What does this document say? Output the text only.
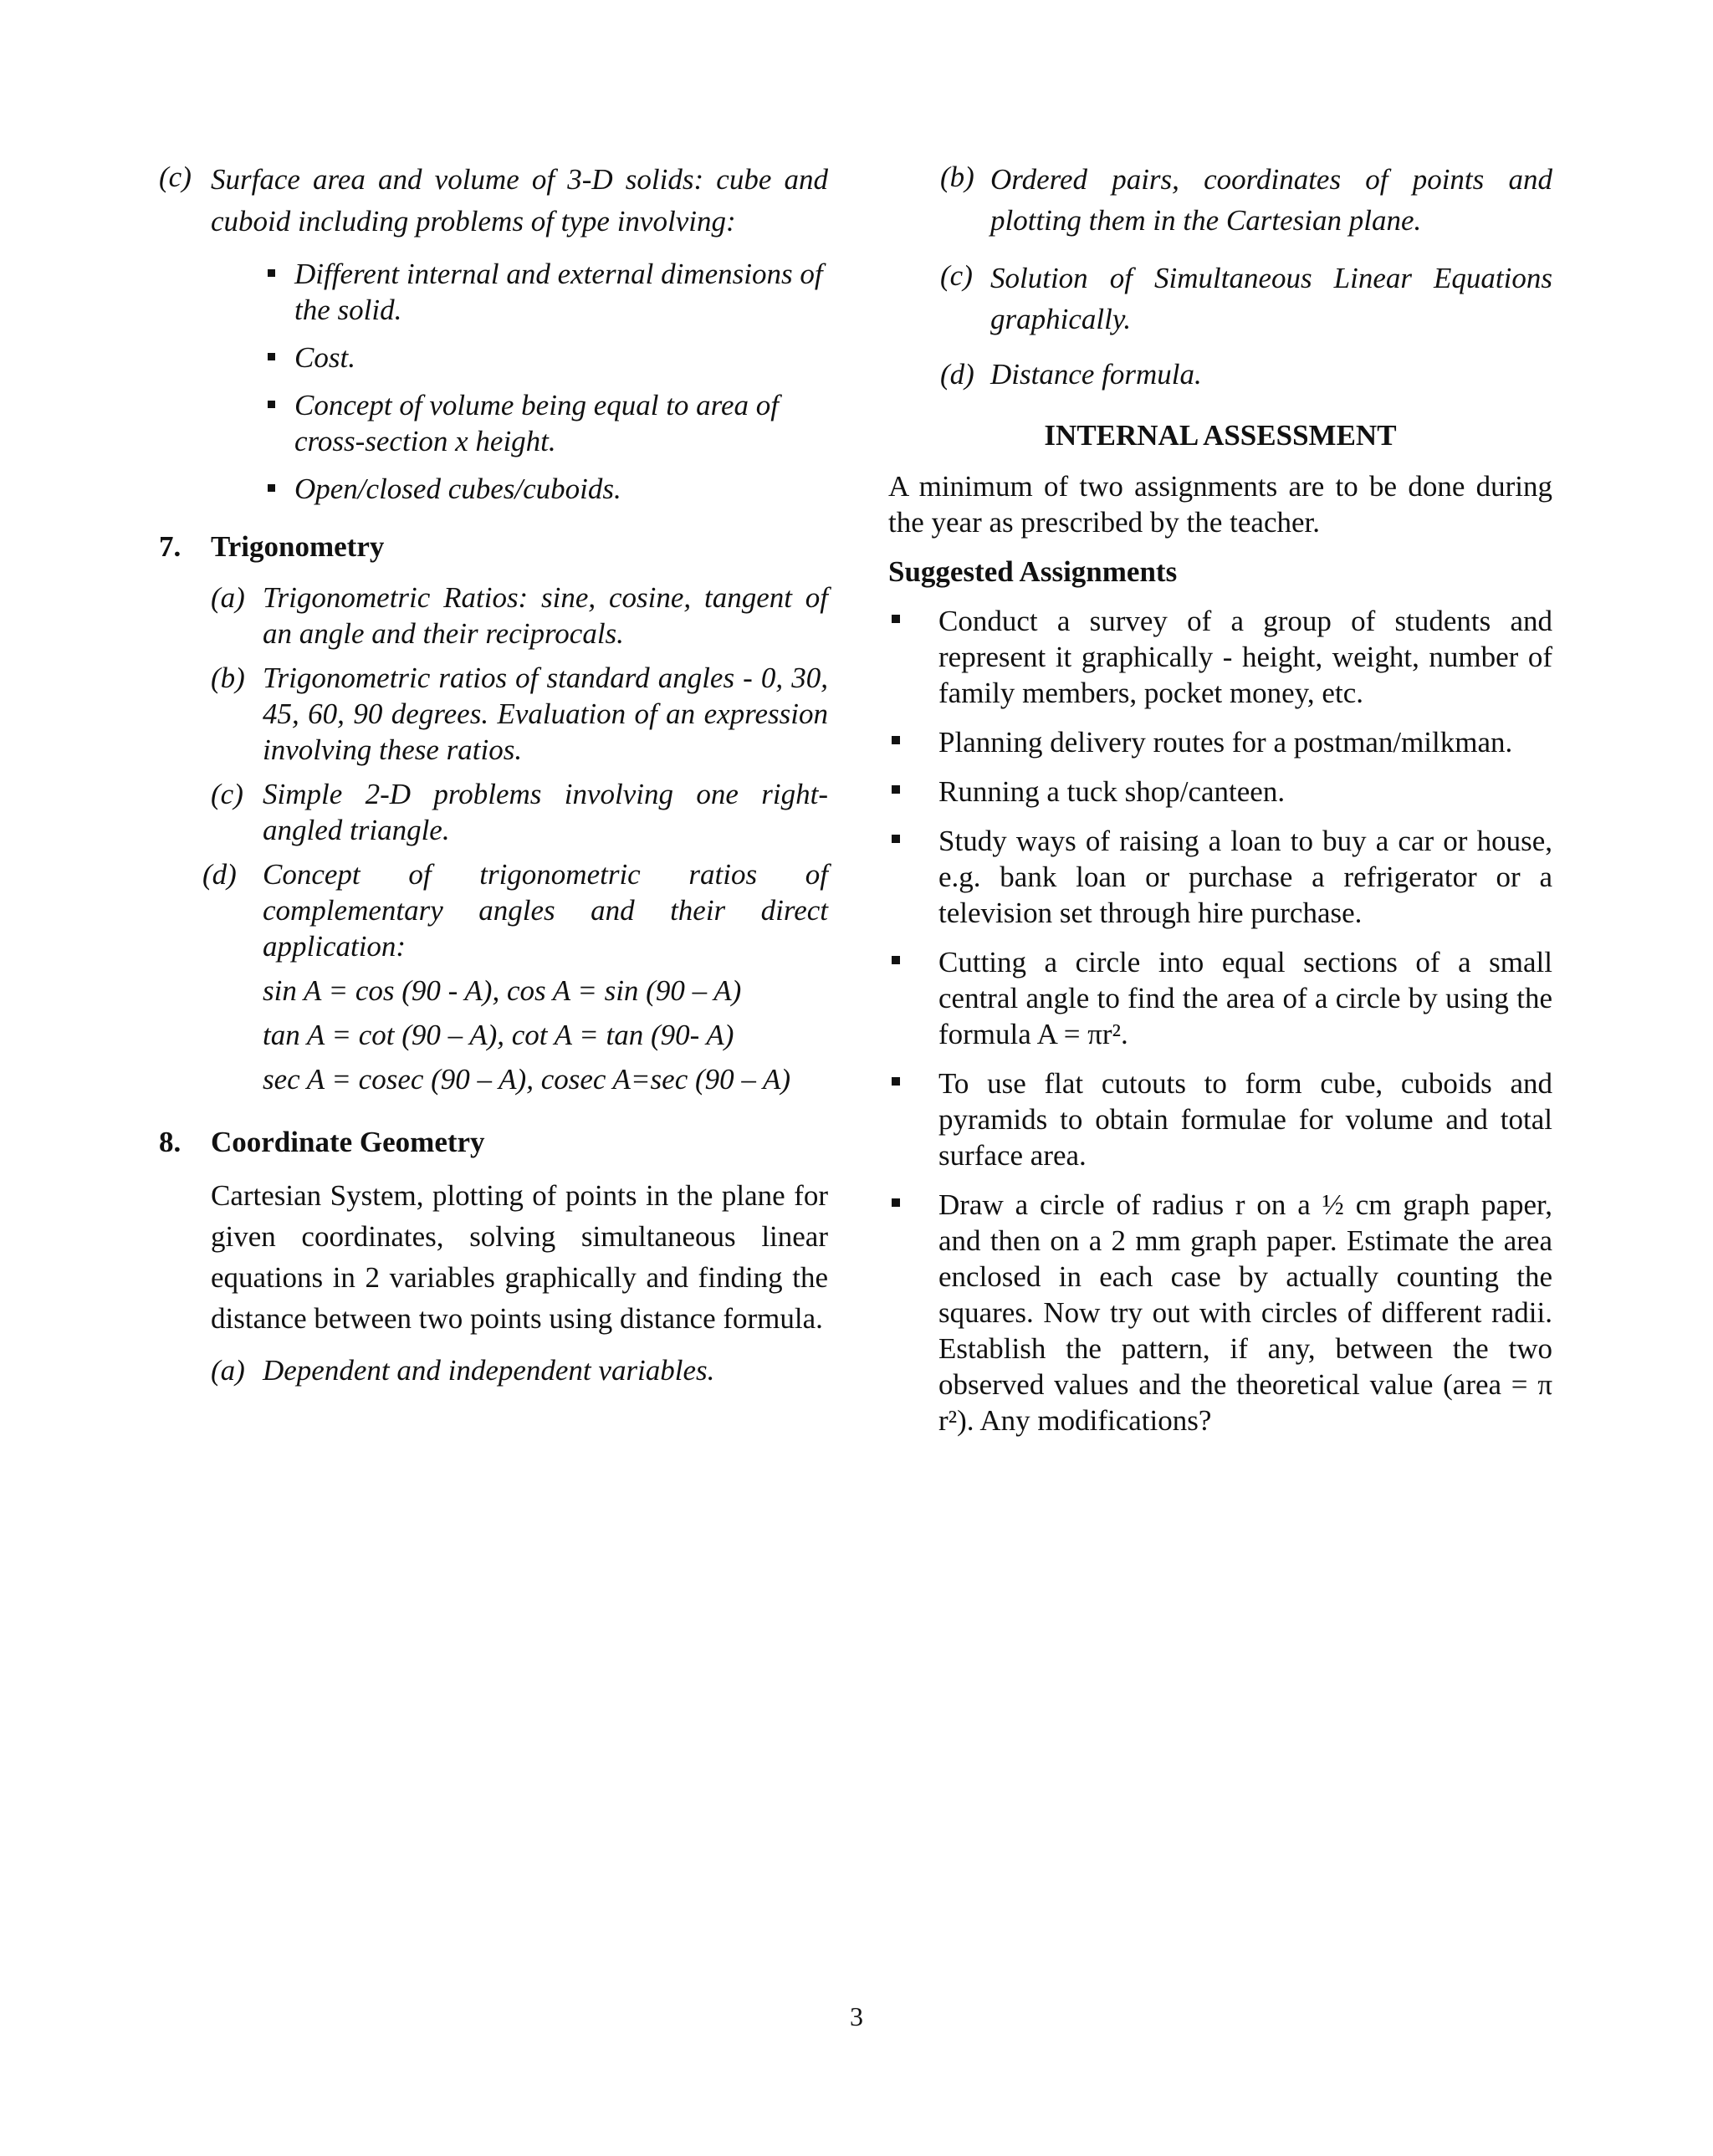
(c) Surface area and volume of 3-D solids: cube and cuboid including problems of type involving:
Different internal and external dimensions of the solid.
Cost.
Concept of volume being equal to area of cross-section x height.
Open/closed cubes/cuboids.
7. Trigonometry
(a) Trigonometric Ratios: sine, cosine, tangent of an angle and their reciprocals.
(b) Trigonometric ratios of standard angles - 0, 30, 45, 60, 90 degrees. Evaluation of an expression involving these ratios.
(c) Simple 2-D problems involving one right-angled triangle.
(d) Concept of trigonometric ratios of complementary angles and their direct application:
sin A = cos (90 - A), cos A = sin (90 – A)
tan A = cot (90 – A), cot A = tan (90- A)
sec A = cosec (90 – A), cosec A=sec (90 – A)
8. Coordinate Geometry
Cartesian System, plotting of points in the plane for given coordinates, solving simultaneous linear equations in 2 variables graphically and finding the distance between two points using distance formula.
(a) Dependent and independent variables.
(b) Ordered pairs, coordinates of points and plotting them in the Cartesian plane.
(c) Solution of Simultaneous Linear Equations graphically.
(d) Distance formula.
INTERNAL ASSESSMENT
A minimum of two assignments are to be done during the year as prescribed by the teacher.
Suggested Assignments
Conduct a survey of a group of students and represent it graphically - height, weight, number of family members, pocket money, etc.
Planning delivery routes for a postman/milkman.
Running a tuck shop/canteen.
Study ways of raising a loan to buy a car or house, e.g. bank loan or purchase a refrigerator or a television set through hire purchase.
Cutting a circle into equal sections of a small central angle to find the area of a circle by using the formula A = πr².
To use flat cutouts to form cube, cuboids and pyramids to obtain formulae for volume and total surface area.
Draw a circle of radius r on a ½ cm graph paper, and then on a 2 mm graph paper. Estimate the area enclosed in each case by actually counting the squares. Now try out with circles of different radii. Establish the pattern, if any, between the two observed values and the theoretical value (area = π r²). Any modifications?
3
